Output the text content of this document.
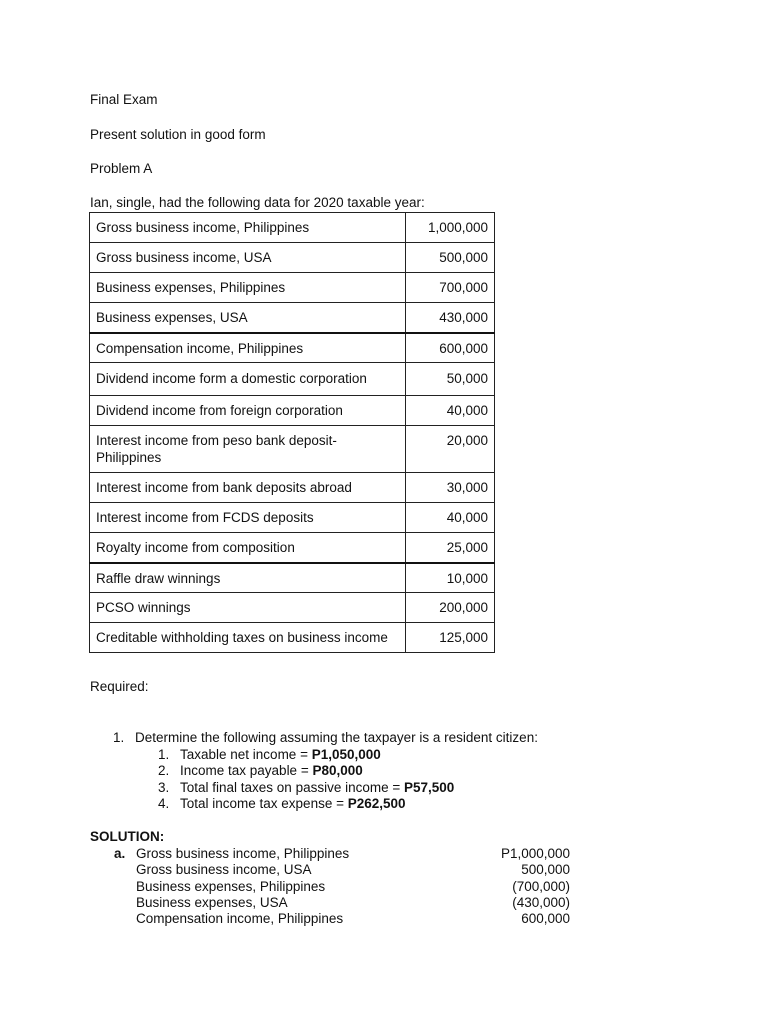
Final Exam
Present solution in good form
Problem A
Ian, single, had the following data for 2020 taxable year:
Gross business income, Philippines	1,000,000
Gross business income, USA	500,000
Business expenses, Philippines	700,000
Business expenses, USA	430,000
Compensation income, Philippines	600,000
Dividend income form a domestic corporation	50,000
Dividend income from foreign corporation	40,000
Interest income from peso bank deposit- Philippines	20,000
Interest income from bank deposits abroad	30,000
Interest income from FCDS deposits	40,000
Royalty income from composition	25,000
Raffle draw winnings	10,000
PCSO winnings	200,000
Creditable withholding taxes on business income	125,000
Required:
1. Determine the following assuming the taxpayer is a resident citizen:
1. Taxable net income = P1,050,000
2. Income tax payable = P80,000
3. Total final taxes on passive income = P57,500
4. Total income tax expense = P262,500
SOLUTION:
a. Gross business income, Philippines	P1,000,000
Gross business income, USA	500,000
Business expenses, Philippines	(700,000)
Business expenses, USA	(430,000)
Compensation income, Philippines	600,000
